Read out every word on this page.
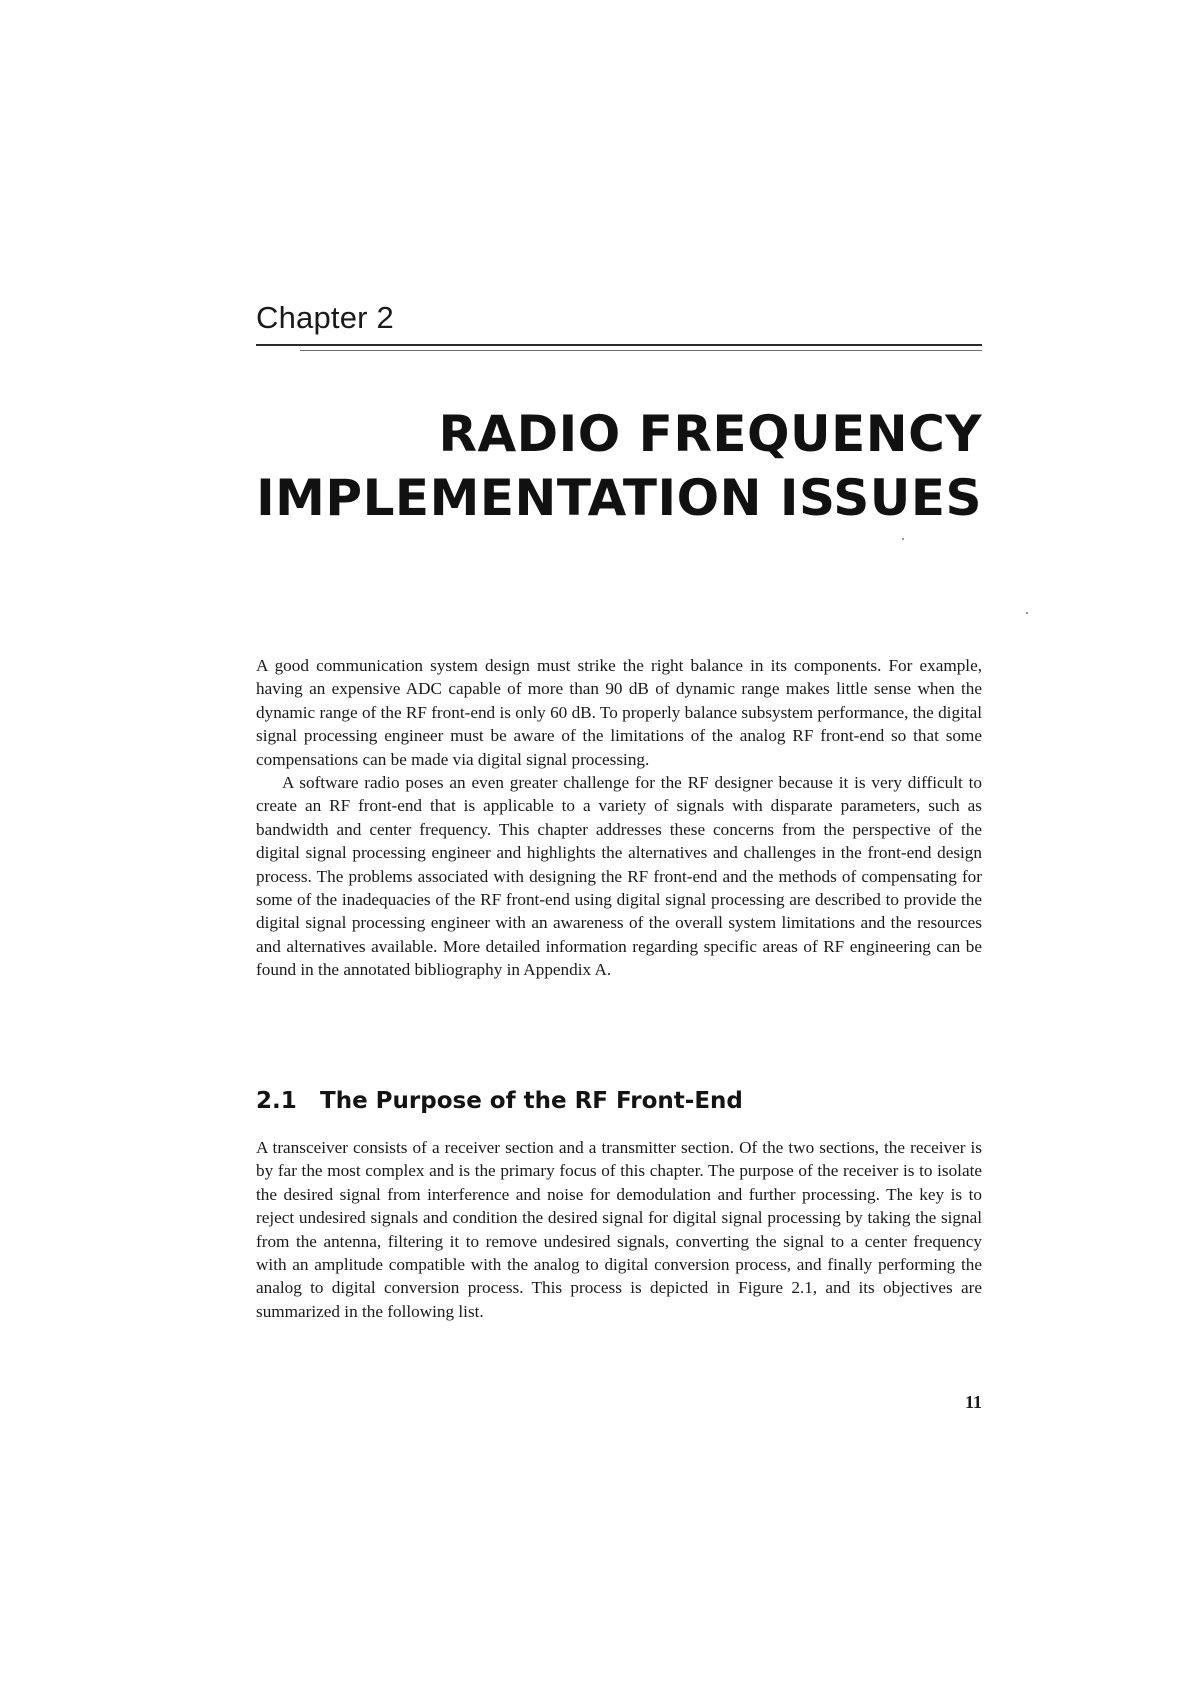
Chapter 2
RADIO FREQUENCY
IMPLEMENTATION ISSUES

A good communication system design must strike the right balance in its components. For example, having an expensive ADC capable of more than 90 dB of dynamic range makes little sense when the dynamic range of the RF front-end is only 60 dB. To properly balance subsystem performance, the digital signal processing engineer must be aware of the limitations of the analog RF front-end so that some compensations can be made via digital signal processing.

A software radio poses an even greater challenge for the RF designer because it is very difficult to create an RF front-end that is applicable to a variety of signals with disparate parameters, such as bandwidth and center frequency. This chapter addresses these concerns from the perspective of the digital signal processing engineer and highlights the alternatives and challenges in the front-end design process. The problems associated with designing the RF front-end and the methods of compensating for some of the inadequacies of the RF front-end using digital signal processing are described to provide the digital signal processing engineer with an awareness of the overall system limitations and the resources and alternatives available. More detailed information regarding specific areas of RF engineering can be found in the annotated bibliography in Appendix A.

2.1 The Purpose of the RF Front-End

A transceiver consists of a receiver section and a transmitter section. Of the two sections, the receiver is by far the most complex and is the primary focus of this chapter. The purpose of the receiver is to isolate the desired signal from interference and noise for demodulation and further processing. The key is to reject undesired signals and condition the desired signal for digital signal processing by taking the signal from the antenna, filtering it to remove undesired signals, converting the signal to a center frequency with an amplitude compatible with the analog to digital conversion process, and finally performing the analog to digital conversion process. This process is depicted in Figure 2.1, and its objectives are summarized in the following list.

11
